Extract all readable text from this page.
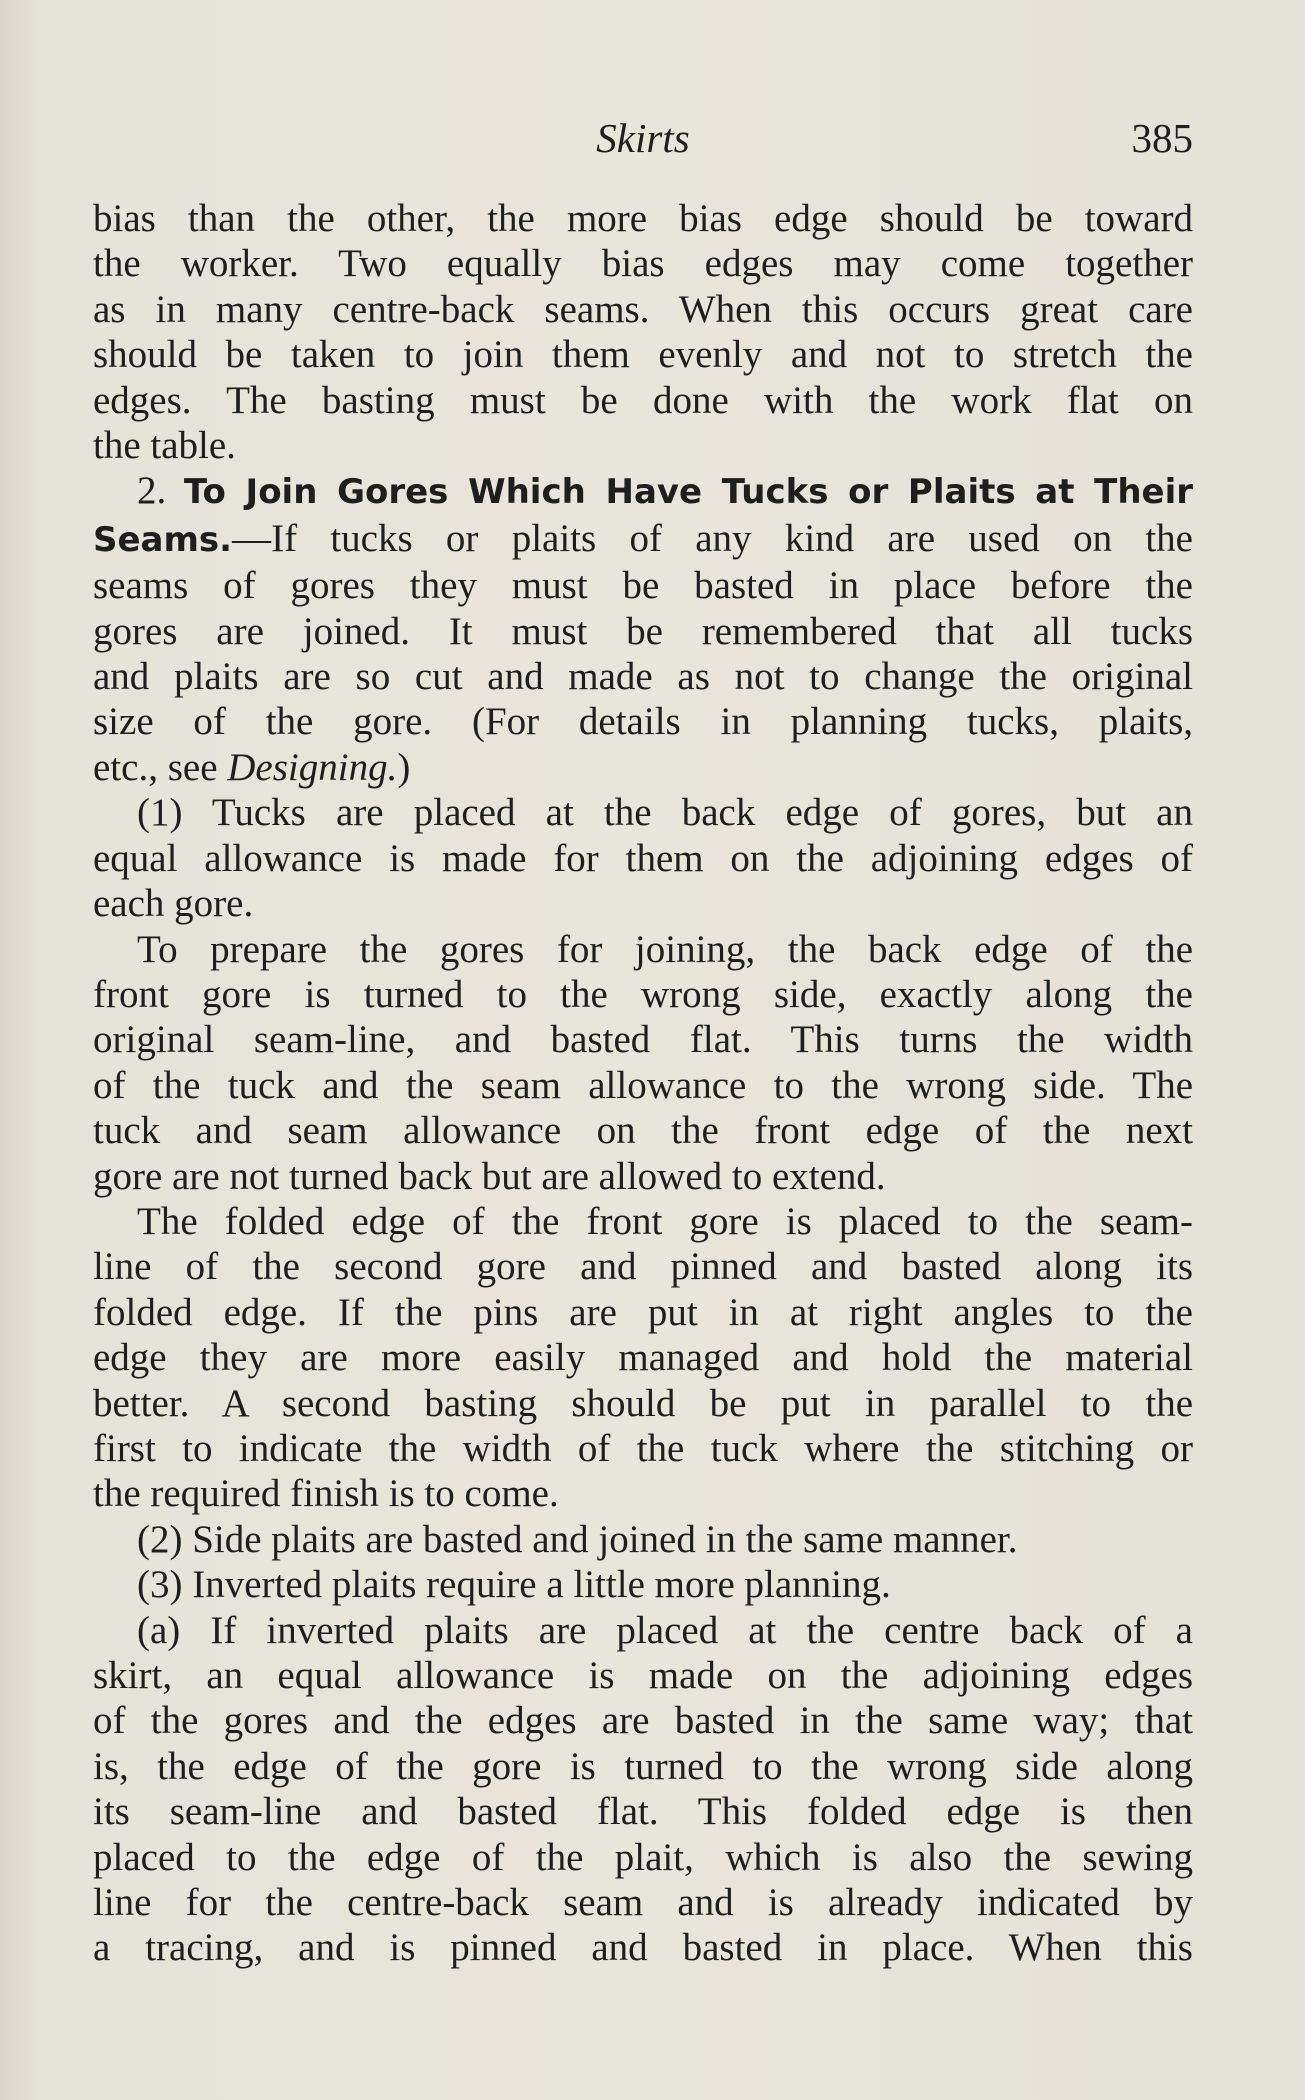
Skirts	385
bias than the other, the more bias edge should be toward
the worker. Two equally bias edges may come together
as in many centre-back seams. When this occurs great care
should be taken to join them evenly and not to stretch the
edges. The basting must be done with the work flat on
the table.
2. To Join Gores Which Have Tucks or Plaits at Their
Seams.—If tucks or plaits of any kind are used on the
seams of gores they must be basted in place before the
gores are joined. It must be remembered that all tucks
and plaits are so cut and made as not to change the original
size of the gore. (For details in planning tucks, plaits,
etc., see Designing.)
(1) Tucks are placed at the back edge of gores, but an
equal allowance is made for them on the adjoining edges of
each gore.
To prepare the gores for joining, the back edge of the
front gore is turned to the wrong side, exactly along the
original seam-line, and basted flat. This turns the width
of the tuck and the seam allowance to the wrong side. The
tuck and seam allowance on the front edge of the next
gore are not turned back but are allowed to extend.
The folded edge of the front gore is placed to the seam-
line of the second gore and pinned and basted along its
folded edge. If the pins are put in at right angles to the
edge they are more easily managed and hold the material
better. A second basting should be put in parallel to the
first to indicate the width of the tuck where the stitching or
the required finish is to come.
(2) Side plaits are basted and joined in the same manner.
(3) Inverted plaits require a little more planning.
(a) If inverted plaits are placed at the centre back of a
skirt, an equal allowance is made on the adjoining edges
of the gores and the edges are basted in the same way; that
is, the edge of the gore is turned to the wrong side along
its seam-line and basted flat. This folded edge is then
placed to the edge of the plait, which is also the sewing
line for the centre-back seam and is already indicated by
a tracing, and is pinned and basted in place. When this
